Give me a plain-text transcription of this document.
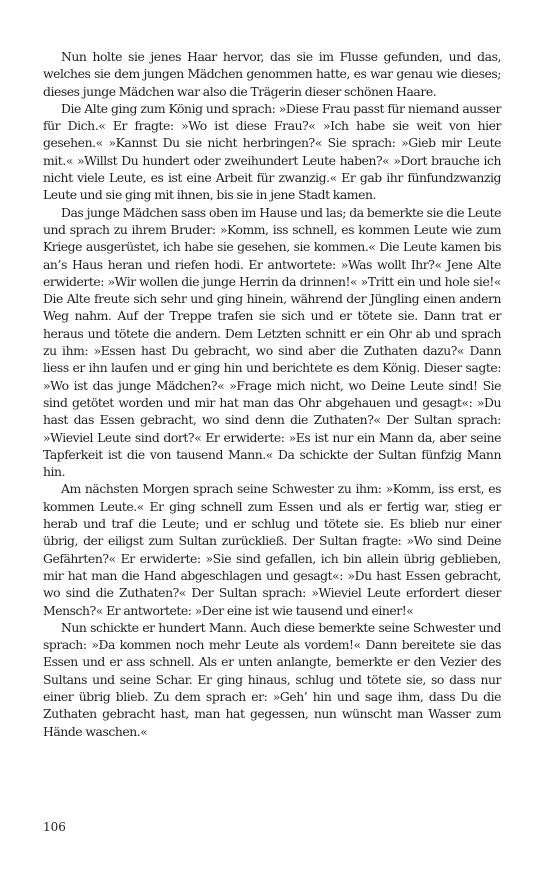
Nun holte sie jenes Haar hervor, das sie im Flusse gefunden, und das, welches sie dem jungen Mädchen genommen hatte, es war genau wie dieses; dieses junge Mädchen war also die Trägerin dieser schönen Haare.

Die Alte ging zum König und sprach: »Diese Frau passt für niemand ausser für Dich.« Er fragte: »Wo ist diese Frau?« »Ich habe sie weit von hier gesehen.« »Kannst Du sie nicht herbringen?« Sie sprach: »Gieb mir Leute mit.« »Willst Du hundert oder zweihundert Leute haben?« »Dort brauche ich nicht viele Leute, es ist eine Arbeit für zwanzig.« Er gab ihr fünfundzwanzig Leute und sie ging mit ihnen, bis sie in jene Stadt kamen.

Das junge Mädchen sass oben im Hause und las; da bemerkte sie die Leute und sprach zu ihrem Bruder: »Komm, iss schnell, es kommen Leute wie zum Kriege ausgerüstet, ich habe sie gesehen, sie kommen.« Die Leute kamen bis an’s Haus heran und riefen hodi. Er antwortete: »Was wollt Ihr?« Jene Alte erwiderte: »Wir wollen die junge Herrin da drinnen!« »Tritt ein und hole sie!« Die Alte freute sich sehr und ging hinein, während der Jüngling einen andern Weg nahm. Auf der Treppe trafen sie sich und er tötete sie. Dann trat er heraus und tötete die andern. Dem Letzten schnitt er ein Ohr ab und sprach zu ihm: »Essen hast Du gebracht, wo sind aber die Zuthaten dazu?« Dann liess er ihn laufen und er ging hin und berichtete es dem König. Dieser sagte: »Wo ist das junge Mädchen?« »Frage mich nicht, wo Deine Leute sind! Sie sind getötet worden und mir hat man das Ohr abgehauen und gesagt«: »Du hast das Essen gebracht, wo sind denn die Zuthaten?« Der Sultan sprach: »Wieviel Leute sind dort?« Er erwiderte: »Es ist nur ein Mann da, aber seine Tapferkeit ist die von tausend Mann.« Da schickte der Sultan fünfzig Mann hin.

Am nächsten Morgen sprach seine Schwester zu ihm: »Komm, iss erst, es kommen Leute.« Er ging schnell zum Essen und als er fertig war, stieg er herab und traf die Leute; und er schlug und tötete sie. Es blieb nur einer übrig, der eiligst zum Sultan zurückließ. Der Sultan fragte: »Wo sind Deine Gefährten?« Er erwiderte: »Sie sind gefallen, ich bin allein übrig geblieben, mir hat man die Hand abgeschlagen und gesagt«: »Du hast Essen gebracht, wo sind die Zuthaten?« Der Sultan sprach: »Wieviel Leute erfordert dieser Mensch?« Er antwortete: »Der eine ist wie tausend und einer!«

Nun schickte er hundert Mann. Auch diese bemerkte seine Schwester und sprach: »Da kommen noch mehr Leute als vordem!« Dann bereitete sie das Essen und er ass schnell. Als er unten anlangte, bemerkte er den Vezier des Sultans und seine Schar. Er ging hinaus, schlug und tötete sie, so dass nur einer übrig blieb. Zu dem sprach er: »Geh’ hin und sage ihm, dass Du die Zuthaten gebracht hast, man hat gegessen, nun wünscht man Wasser zum Hände waschen.«

106
